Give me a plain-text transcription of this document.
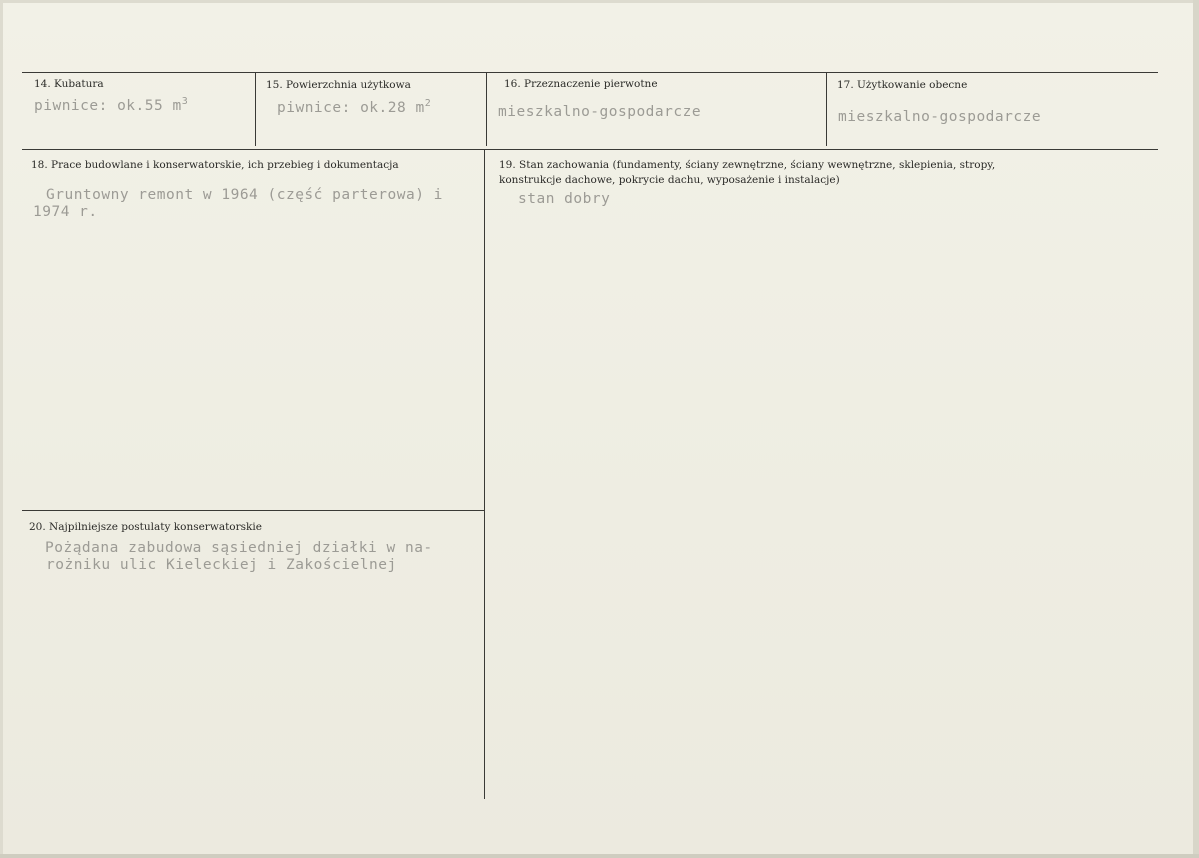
14. Kubatura
piwnice: ok.55 $m^3$
15. Powierzchnia użytkowa
piwnice: ok.28 $m^2$
16. Przeznaczenie pierwotne
mieszkalno-gospodarcze
17. Użytkowanie obecne
mieszkalno-gospodarcze
18. Prace budowlane i konserwatorskie, ich przebieg i dokumentacja
Gruntowny remont w 1964 (część parterowa) i
1974 r.
19. Stan zachowania (fundamenty, ściany zewnętrzne, ściany wewnętrzne, sklepienia, stropy,
konstrukcje dachowe, pokrycie dachu, wyposażenie i instalacje)
stan dobry
20. Najpilniejsze postulaty konserwatorskie
Pożądana zabudowa sąsiedniej działki w na-
rożniku ulic Kieleckiej i Zakościelnej
